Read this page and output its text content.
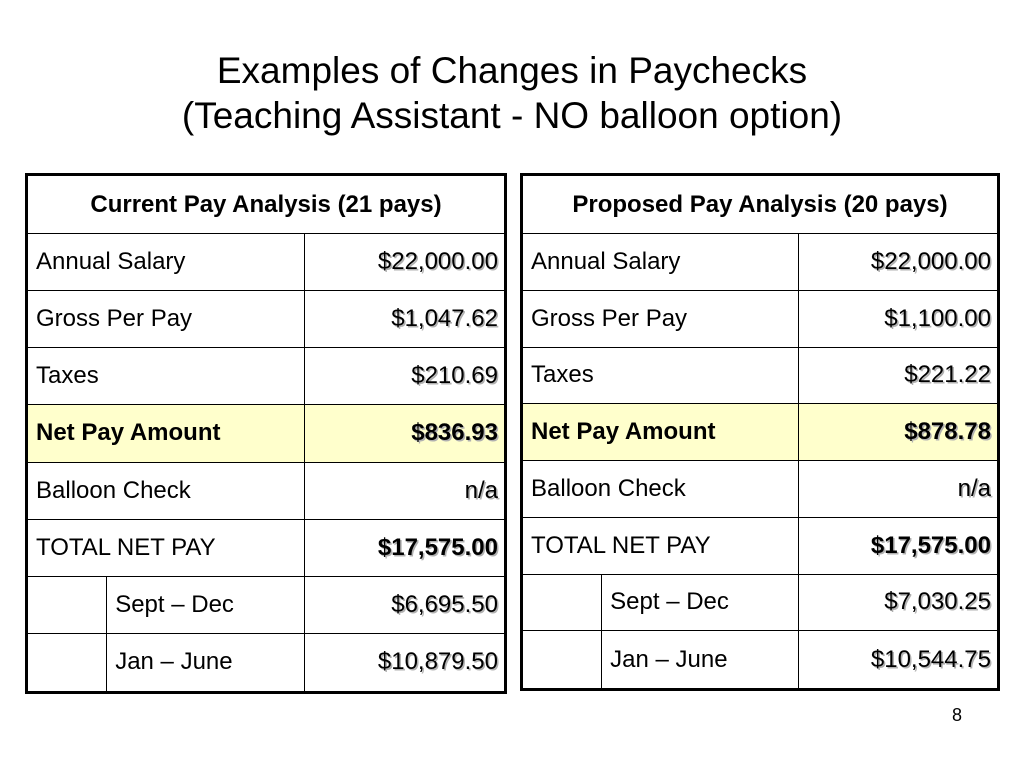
Examples of Changes in Paychecks
(Teaching Assistant - NO balloon option)
Current Pay Analysis (21 pays)		
Annual Salary		$22,000.00
Gross Per Pay		$1,047.62
Taxes		$210.69
Net Pay Amount		$836.93
Balloon Check		n/a
TOTAL NET PAY		$17,575.00
	Sept – Dec	$6,695.50
	Jan – June	$10,879.50
Proposed Pay Analysis (20 pays)		
Annual Salary		$22,000.00
Gross Per Pay		$1,100.00
Taxes		$221.22
Net Pay Amount		$878.78
Balloon Check		n/a
TOTAL NET PAY		$17,575.00
	Sept – Dec	$7,030.25
	Jan – June	$10,544.75
8
